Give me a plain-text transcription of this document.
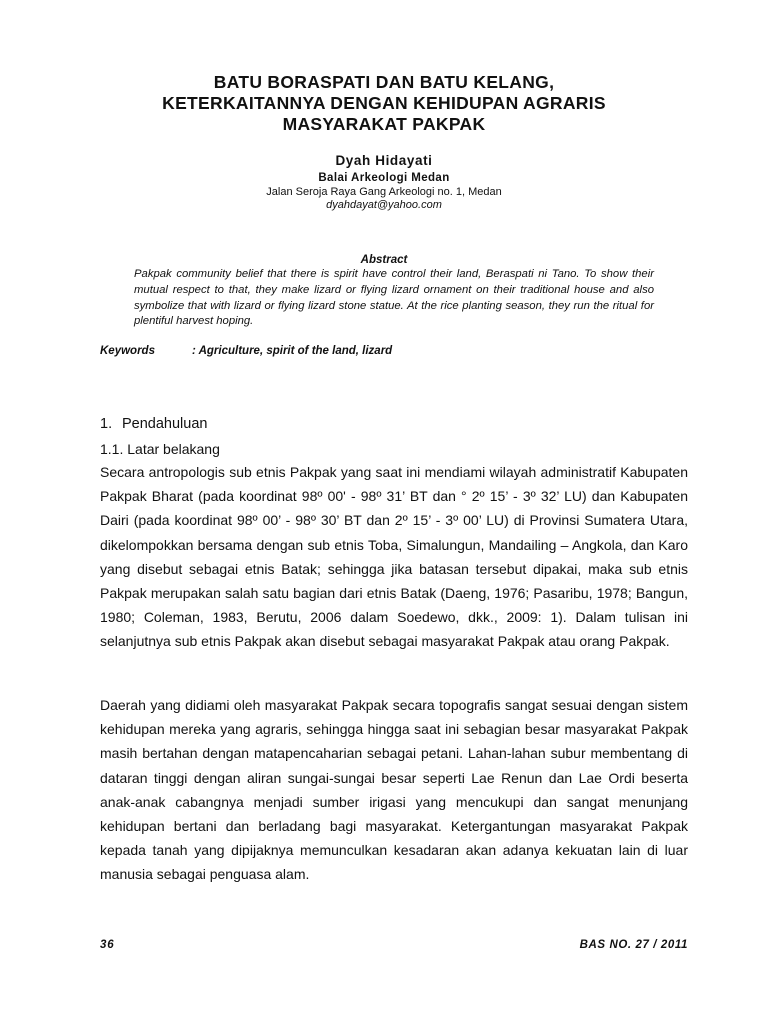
BATU BORASPATI DAN BATU KELANG,
KETERKAITANNYA DENGAN KEHIDUPAN AGRARIS
MASYARAKAT PAKPAK
Dyah Hidayati
Balai Arkeologi Medan
Jalan Seroja Raya Gang Arkeologi no. 1, Medan
dyahdayat@yahoo.com
Abstract
Pakpak community belief that there is spirit have control their land, Beraspati ni Tano. To show their mutual respect to that, they make lizard or flying lizard ornament on their traditional house and also symbolize that with lizard or flying lizard stone statue. At the rice planting season, they run the ritual for plentiful harvest hoping.
Keywords	: Agriculture, spirit of the land, lizard
1. Pendahuluan
1.1. Latar belakang
Secara antropologis sub etnis Pakpak yang saat ini mendiami wilayah administratif Kabupaten Pakpak Bharat (pada koordinat 98º 00' - 98º 31’ BT dan ° 2º 15’ - 3º 32’ LU) dan Kabupaten Dairi (pada koordinat 98º 00’ - 98º 30’ BT dan 2º 15’ - 3º 00’ LU) di Provinsi Sumatera Utara, dikelompokkan bersama dengan sub etnis Toba, Simalungun, Mandailing – Angkola, dan Karo yang disebut sebagai etnis Batak; sehingga jika batasan tersebut dipakai, maka sub etnis Pakpak merupakan salah satu bagian dari etnis Batak (Daeng, 1976; Pasaribu, 1978; Bangun, 1980; Coleman, 1983, Berutu, 2006 dalam Soedewo, dkk., 2009: 1). Dalam tulisan ini selanjutnya sub etnis Pakpak akan disebut sebagai masyarakat Pakpak atau orang Pakpak.
Daerah yang didiami oleh masyarakat Pakpak secara topografis sangat sesuai dengan sistem kehidupan mereka yang agraris, sehingga hingga saat ini sebagian besar masyarakat Pakpak masih bertahan dengan matapencaharian sebagai petani. Lahan-lahan subur membentang di dataran tinggi dengan aliran sungai-sungai besar seperti Lae Renun dan Lae Ordi beserta anak-anak cabangnya menjadi sumber irigasi yang mencukupi dan sangat menunjang kehidupan bertani dan berladang bagi masyarakat. Ketergantungan masyarakat Pakpak kepada tanah yang dipijaknya memunculkan kesadaran akan adanya kekuatan lain di luar manusia sebagai penguasa alam.
36	BAS NO. 27 / 2011
